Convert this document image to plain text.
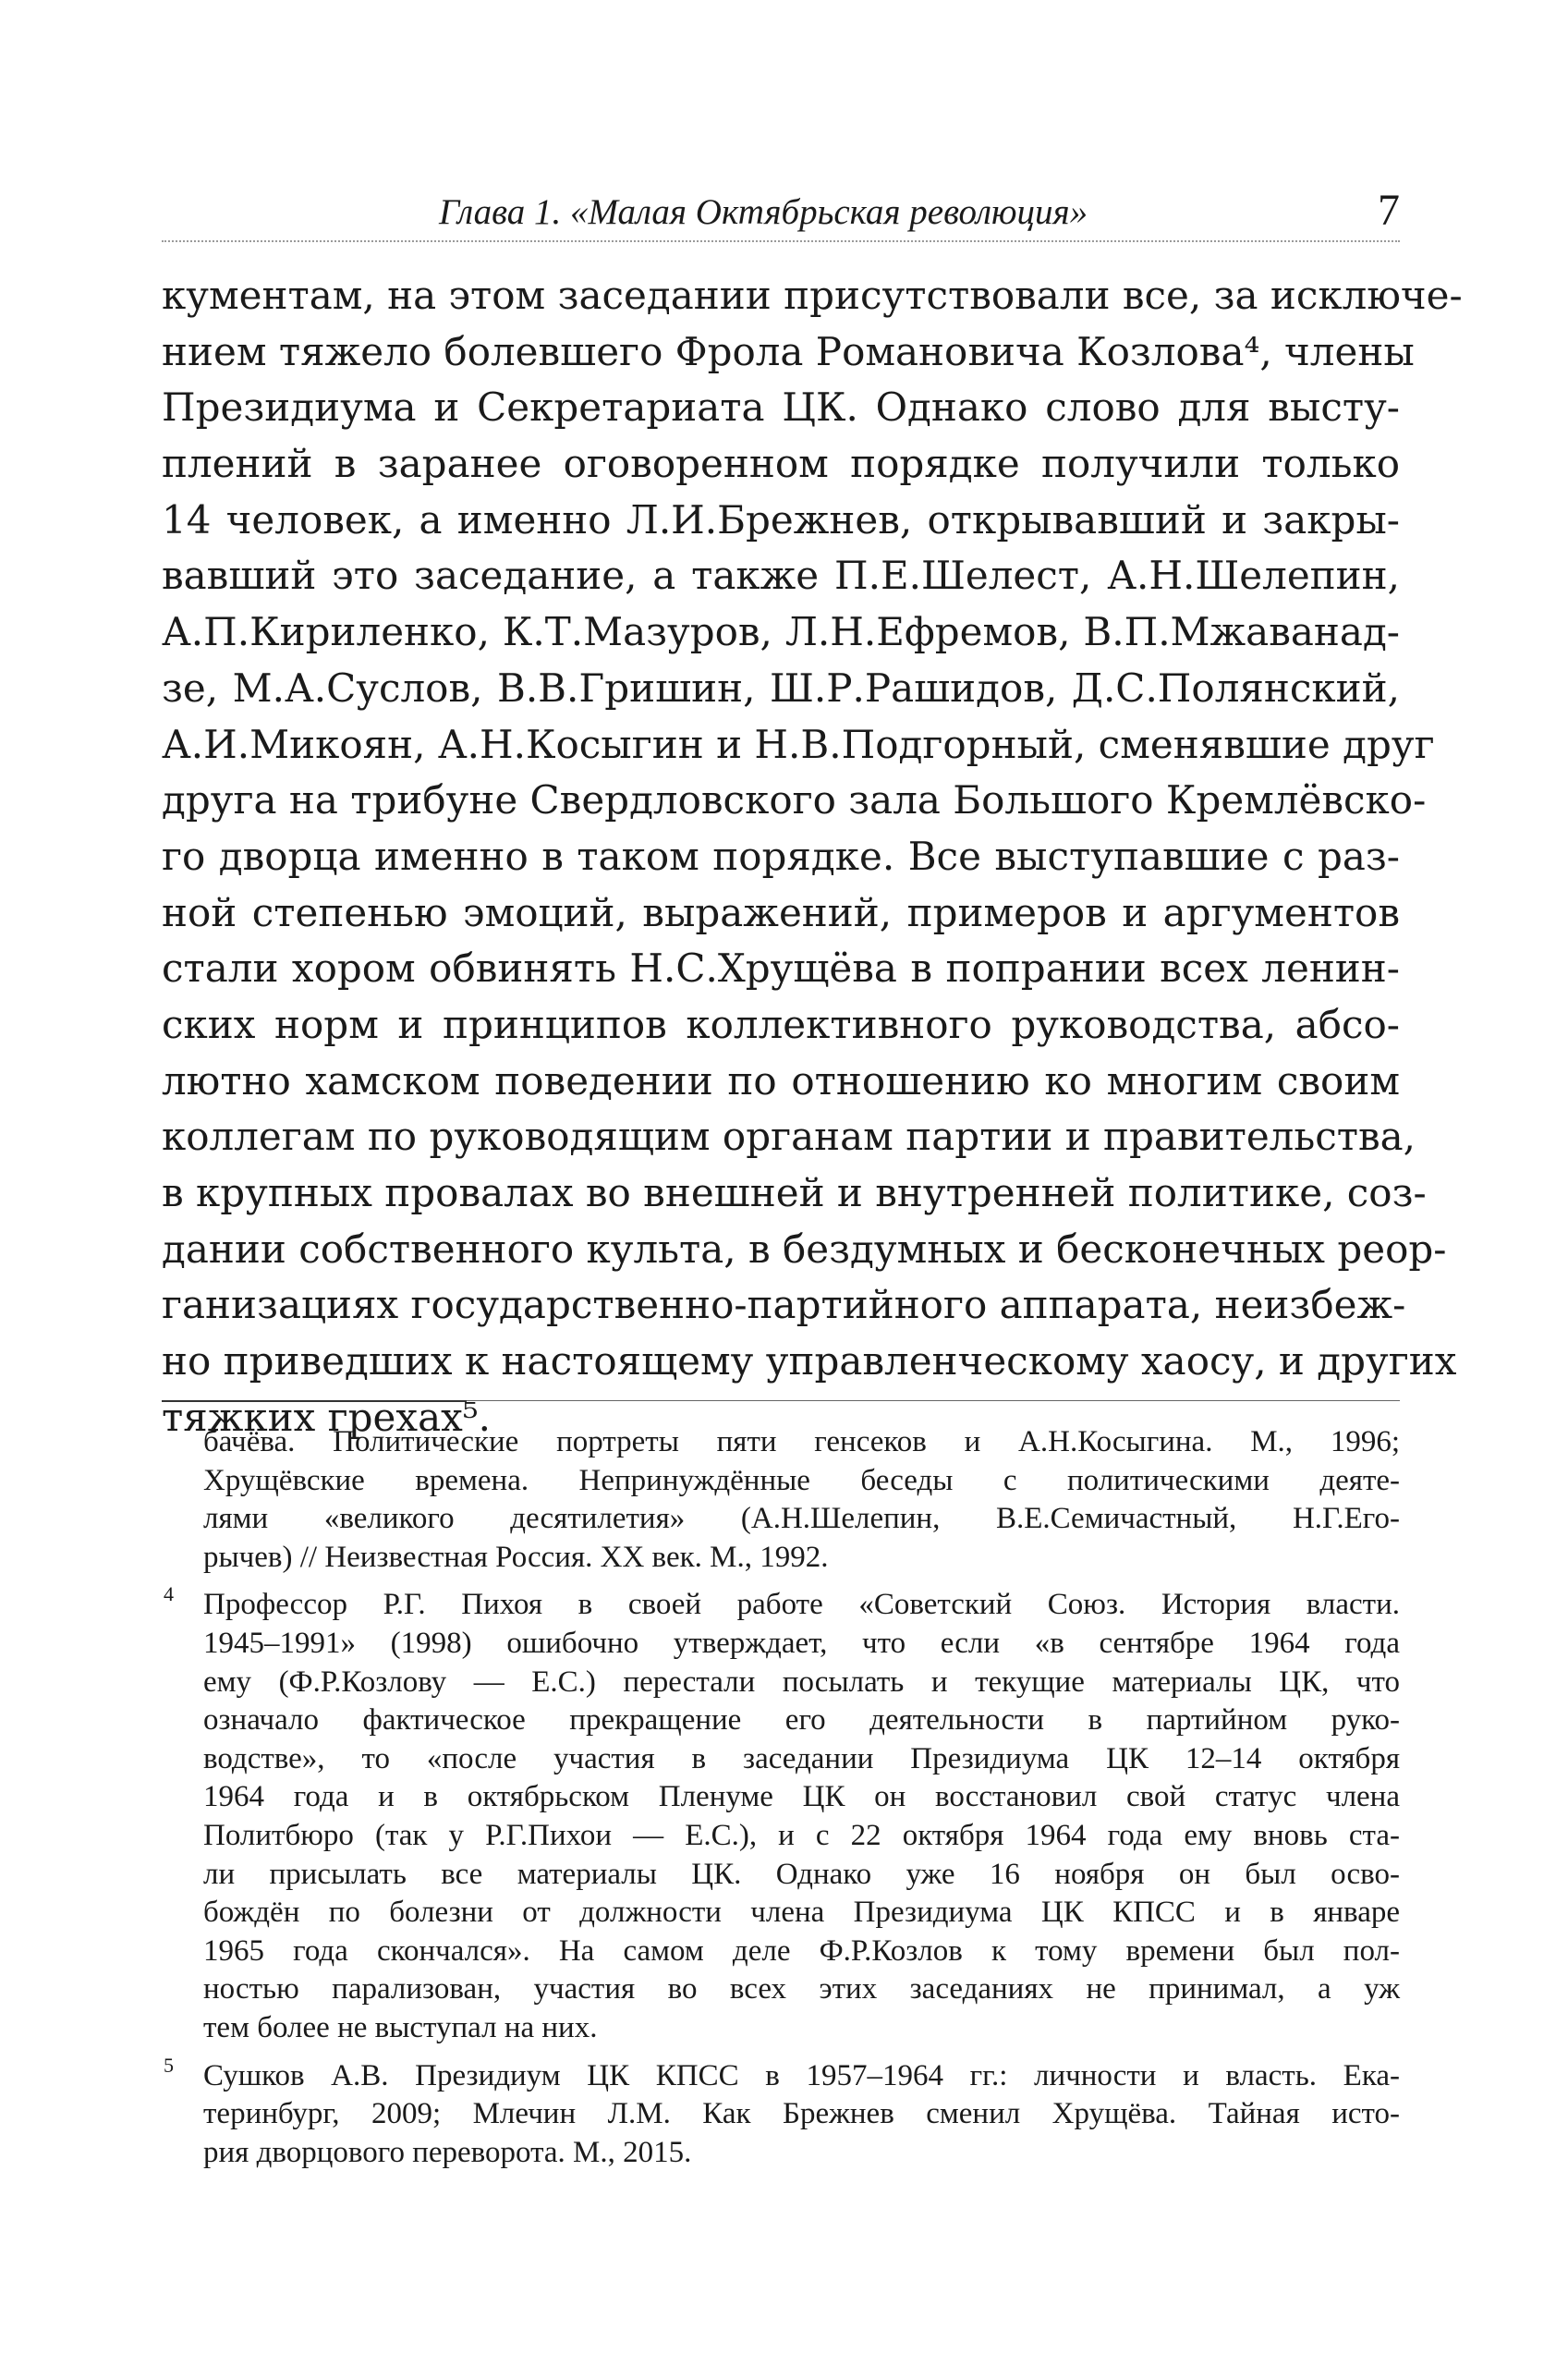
Глава 1. «Малая Октябрьская революция»	7
кументам, на этом заседании присутствовали все, за исключе-
нием тяжело болевшего Фрола Романовича Козлова⁴, члены
Президиума и Секретариата ЦК. Однако слово для высту-
плений в заранее оговоренном порядке получили только
14 человек, а именно Л.И.Брежнев, открывавший и закры-
вавший это заседание, а также П.Е.Шелест, А.Н.Шелепин,
А.П.Кириленко, К.Т.Мазуров, Л.Н.Ефремов, В.П.Мжаванад-
зе, М.А.Суслов, В.В.Гришин, Ш.Р.Рашидов, Д.С.Полянский,
А.И.Микоян, А.Н.Косыгин и Н.В.Подгорный, сменявшие друг
друга на трибуне Свердловского зала Большого Кремлёвско-
го дворца именно в таком порядке. Все выступавшие с раз-
ной степенью эмоций, выражений, примеров и аргументов
стали хором обвинять Н.С.Хрущёва в попрании всех ленин-
ских норм и принципов коллективного руководства, абсо-
лютно хамском поведении по отношению ко многим своим
коллегам по руководящим органам партии и правительства,
в крупных провалах во внешней и внутренней политике, соз-
дании собственного культа, в бездумных и бесконечных реор-
ганизациях государственно-партийного аппарата, неизбеж-
но приведших к настоящему управленческому хаосу, и других
тяжких грехах⁵.
бачёва. Политические портреты пяти генсеков и А.Н.Косыгина. М., 1996;
Хрущёвские времена. Непринуждённые беседы с политическими деяте-
лями «великого десятилетия» (А.Н.Шелепин, В.Е.Семичастный, Н.Г.Его-
рычев) // Неизвестная Россия. XX век. М., 1992.
4 Профессор Р.Г. Пихоя в своей работе «Советский Союз. История власти.
1945–1991» (1998) ошибочно утверждает, что если «в сентябре 1964 года
ему (Ф.Р.Козлову — Е.С.) перестали посылать и текущие материалы ЦК, что
означало фактическое прекращение его деятельности в партийном руко-
водстве», то «после участия в заседании Президиума ЦК 12–14 октября
1964 года и в октябрьском Пленуме ЦК он восстановил свой статус члена
Политбюро (так у Р.Г.Пихои — Е.С.), и с 22 октября 1964 года ему вновь ста-
ли присылать все материалы ЦК. Однако уже 16 ноября он был осво-
бождён по болезни от должности члена Президиума ЦК КПСС и в январе
1965 года скончался». На самом деле Ф.Р.Козлов к тому времени был пол-
ностью парализован, участия во всех этих заседаниях не принимал, а уж
тем более не выступал на них.
5 Сушков А.В. Президиум ЦК КПСС в 1957–1964 гг.: личности и власть. Ека-
теринбург, 2009; Млечин Л.М. Как Брежнев сменил Хрущёва. Тайная исто-
рия дворцового переворота. М., 2015.
